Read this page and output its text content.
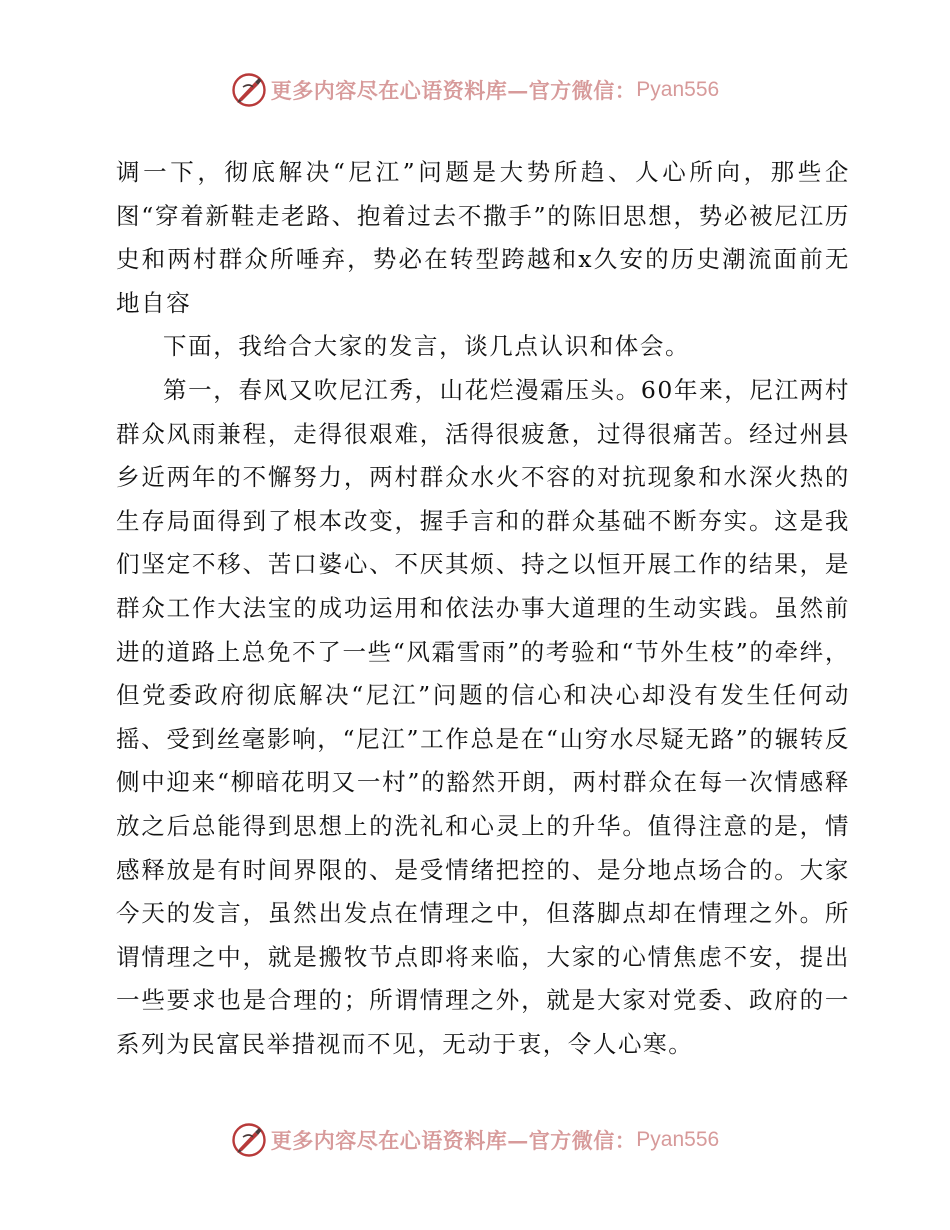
更多内容尽在心语资料库—官方微信： Pyan556

调一下，彻底解决“尼江”问题是大势所趋、人心所向，那些企图“穿着新鞋走老路、抱着过去不撒手”的陈旧思想，势必被尼江历史和两村群众所唾弃，势必在转型跨越和x久安的历史潮流面前无地自容

下面，我给合大家的发言，谈几点认识和体会。

第一，春风又吹尼江秀，山花烂漫霜压头。60年来，尼江两村群众风雨兼程，走得很艰难，活得很疲惫，过得很痛苦。经过州县乡近两年的不懈努力，两村群众水火不容的对抗现象和水深火热的生存局面得到了根本改变，握手言和的群众基础不断夯实。这是我们坚定不移、苦口婆心、不厌其烦、持之以恒开展工作的结果，是群众工作大法宝的成功运用和依法办事大道理的生动实践。虽然前进的道路上总免不了一些“风霜雪雨”的考验和“节外生枝”的牵绊，但党委政府彻底解决“尼江”问题的信心和决心却没有发生任何动摇、受到丝毫影响，“尼江”工作总是在“山穷水尽疑无路”的辗转反侧中迎来“柳暗花明又一村”的豁然开朗，两村群众在每一次情感释放之后总能得到思想上的洗礼和心灵上的升华。值得注意的是，情感释放是有时间界限的、是受情绪把控的、是分地点场合的。大家今天的发言，虽然出发点在情理之中，但落脚点却在情理之外。所谓情理之中，就是搬牧节点即将来临，大家的心情焦虑不安，提出一些要求也是合理的；所谓情理之外，就是大家对党委、政府的一系列为民富民举措视而不见，无动于衷，令人心寒。

更多内容尽在心语资料库—官方微信： Pyan556
